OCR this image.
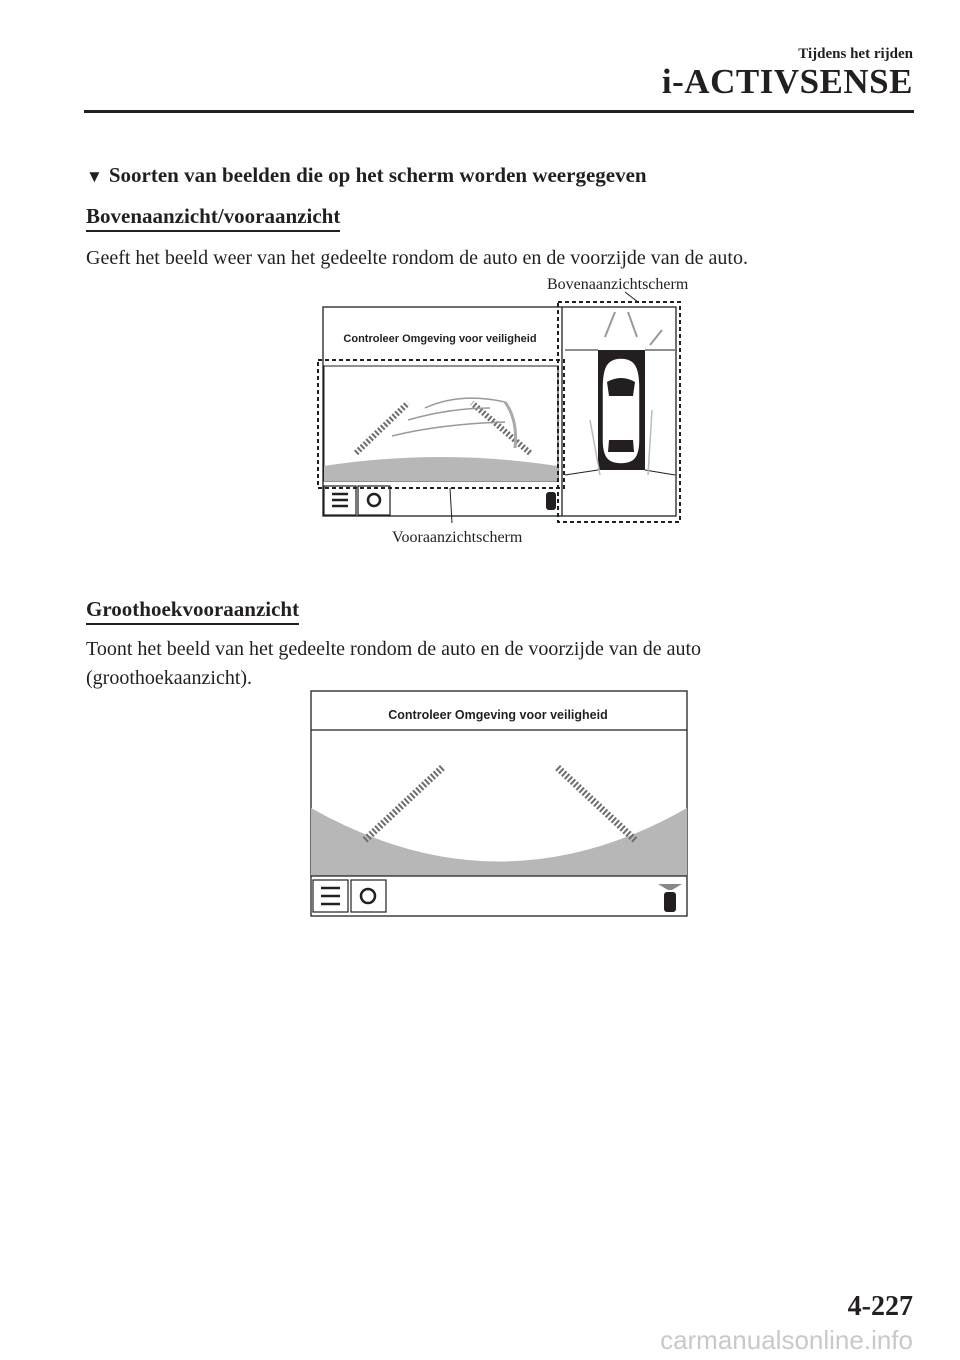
Tijdens het rijden
i-ACTIVSENSE
▼ Soorten van beelden die op het scherm worden weergegeven
Bovenaanzicht/vooraanzicht
Geeft het beeld weer van het gedeelte rondom de auto en de voorzijde van de auto.
Controleer Omgeving voor veiligheid
Bovenaanzichtscherm
Vooraanzichtscherm
Groothoekvooraanzicht
Toont het beeld van het gedeelte rondom de auto en de voorzijde van de auto
(groothoekaanzicht).
Controleer Omgeving voor veiligheid
4-227
carmanualsonline.info
